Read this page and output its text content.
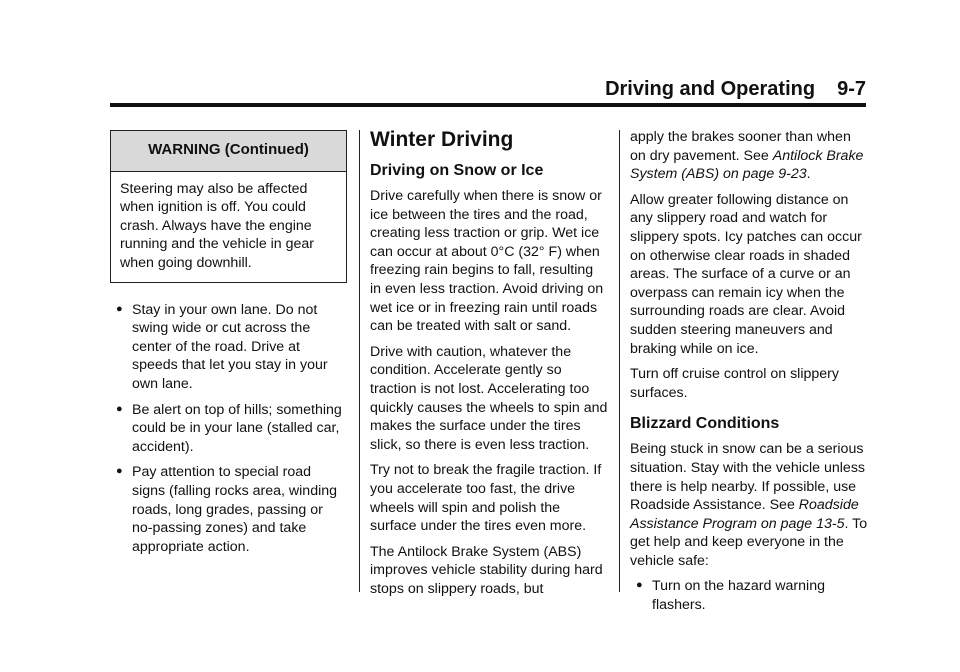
Driving and Operating 9-7
WARNING (Continued)
Steering may also be affected when ignition is off. You could crash. Always have the engine running and the vehicle in gear when going downhill.
● Stay in your own lane. Do not swing wide or cut across the center of the road. Drive at speeds that let you stay in your own lane.
● Be alert on top of hills; something could be in your lane (stalled car, accident).
● Pay attention to special road signs (falling rocks area, winding roads, long grades, passing or no-passing zones) and take appropriate action.
Winter Driving
Driving on Snow or Ice

Drive carefully when there is snow or ice between the tires and the road, creating less traction or grip. Wet ice can occur at about 0°C (32° F) when freezing rain begins to fall, resulting in even less traction. Avoid driving on wet ice or in freezing rain until roads can be treated with salt or sand.

Drive with caution, whatever the condition. Accelerate gently so traction is not lost. Accelerating too quickly causes the wheels to spin and makes the surface under the tires slick, so there is even less traction.

Try not to break the fragile traction. If you accelerate too fast, the drive wheels will spin and polish the surface under the tires even more.

The Antilock Brake System (ABS) improves vehicle stability during hard stops on slippery roads, but

apply the brakes sooner than when on dry pavement. See Antilock Brake System (ABS) on page 9-23.

Allow greater following distance on any slippery road and watch for slippery spots. Icy patches can occur on otherwise clear roads in shaded areas. The surface of a curve or an overpass can remain icy when the surrounding roads are clear. Avoid sudden steering maneuvers and braking while on ice.

Turn off cruise control on slippery surfaces.

Blizzard Conditions

Being stuck in snow can be a serious situation. Stay with the vehicle unless there is help nearby. If possible, use Roadside Assistance. See Roadside Assistance Program on page 13-5. To get help and keep everyone in the vehicle safe:

● Turn on the hazard warning flashers.
